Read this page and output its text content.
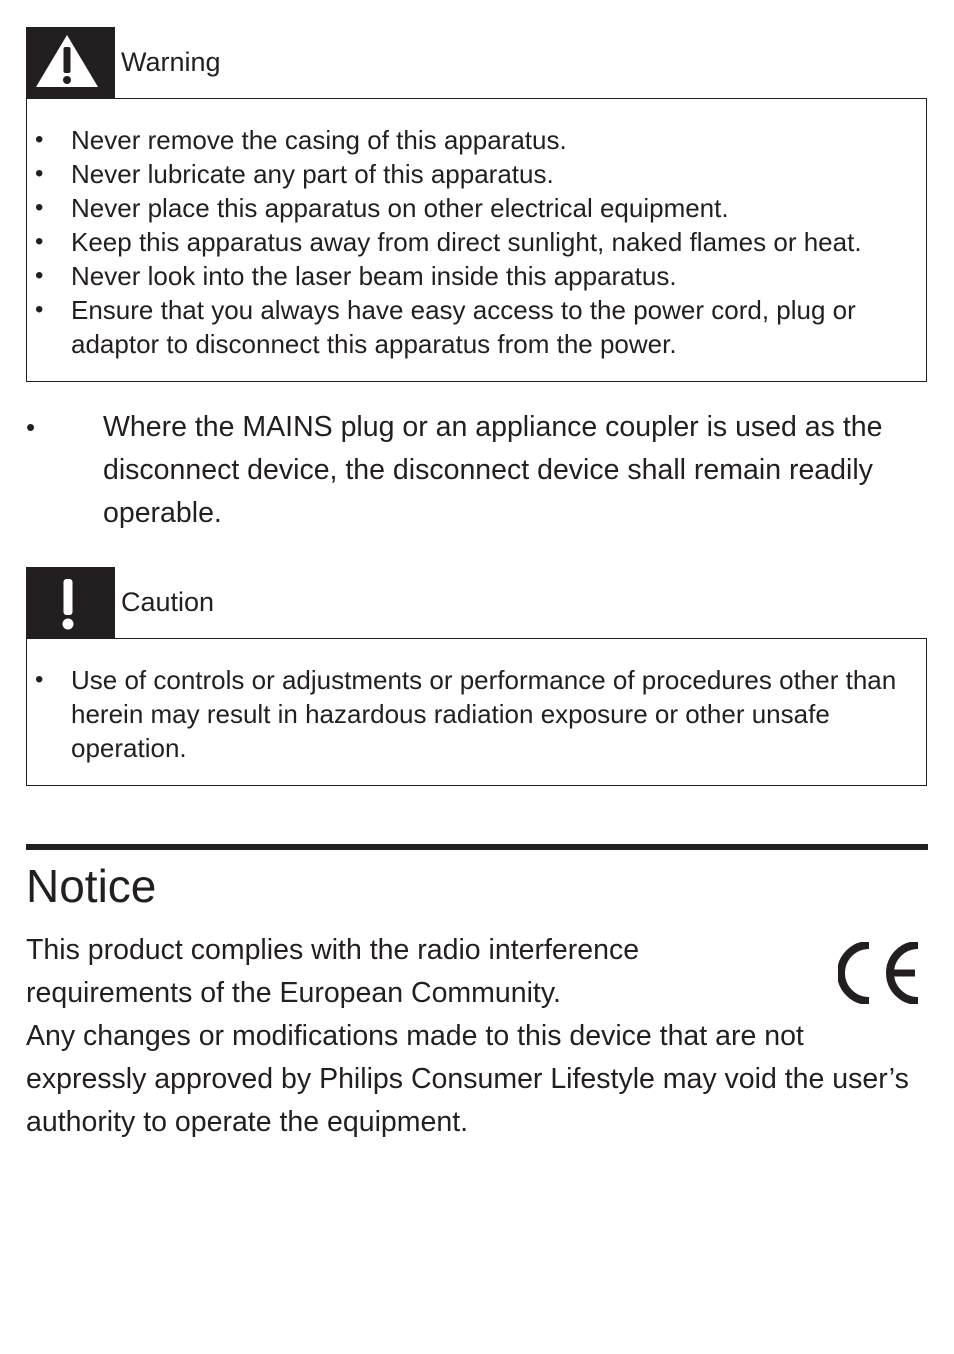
Warning
• Never remove the casing of this apparatus.
• Never lubricate any part of this apparatus.
• Never place this apparatus on other electrical equipment.
• Keep this apparatus away from direct sunlight, naked flames or heat.
• Never look into the laser beam inside this apparatus.
• Ensure that you always have easy access to the power cord, plug or adaptor to disconnect this apparatus from the power.
• Where the MAINS plug or an appliance coupler is used as the disconnect device, the disconnect device shall remain readily operable.

Caution
• Use of controls or adjustments or performance of procedures other than herein may result in hazardous radiation exposure or other unsafe operation.
Notice

This product complies with the radio interference requirements of the European Community.

Any changes or modifications made to this device that are not expressly approved by Philips Consumer Lifestyle may void the user’s authority to operate the equipment.
